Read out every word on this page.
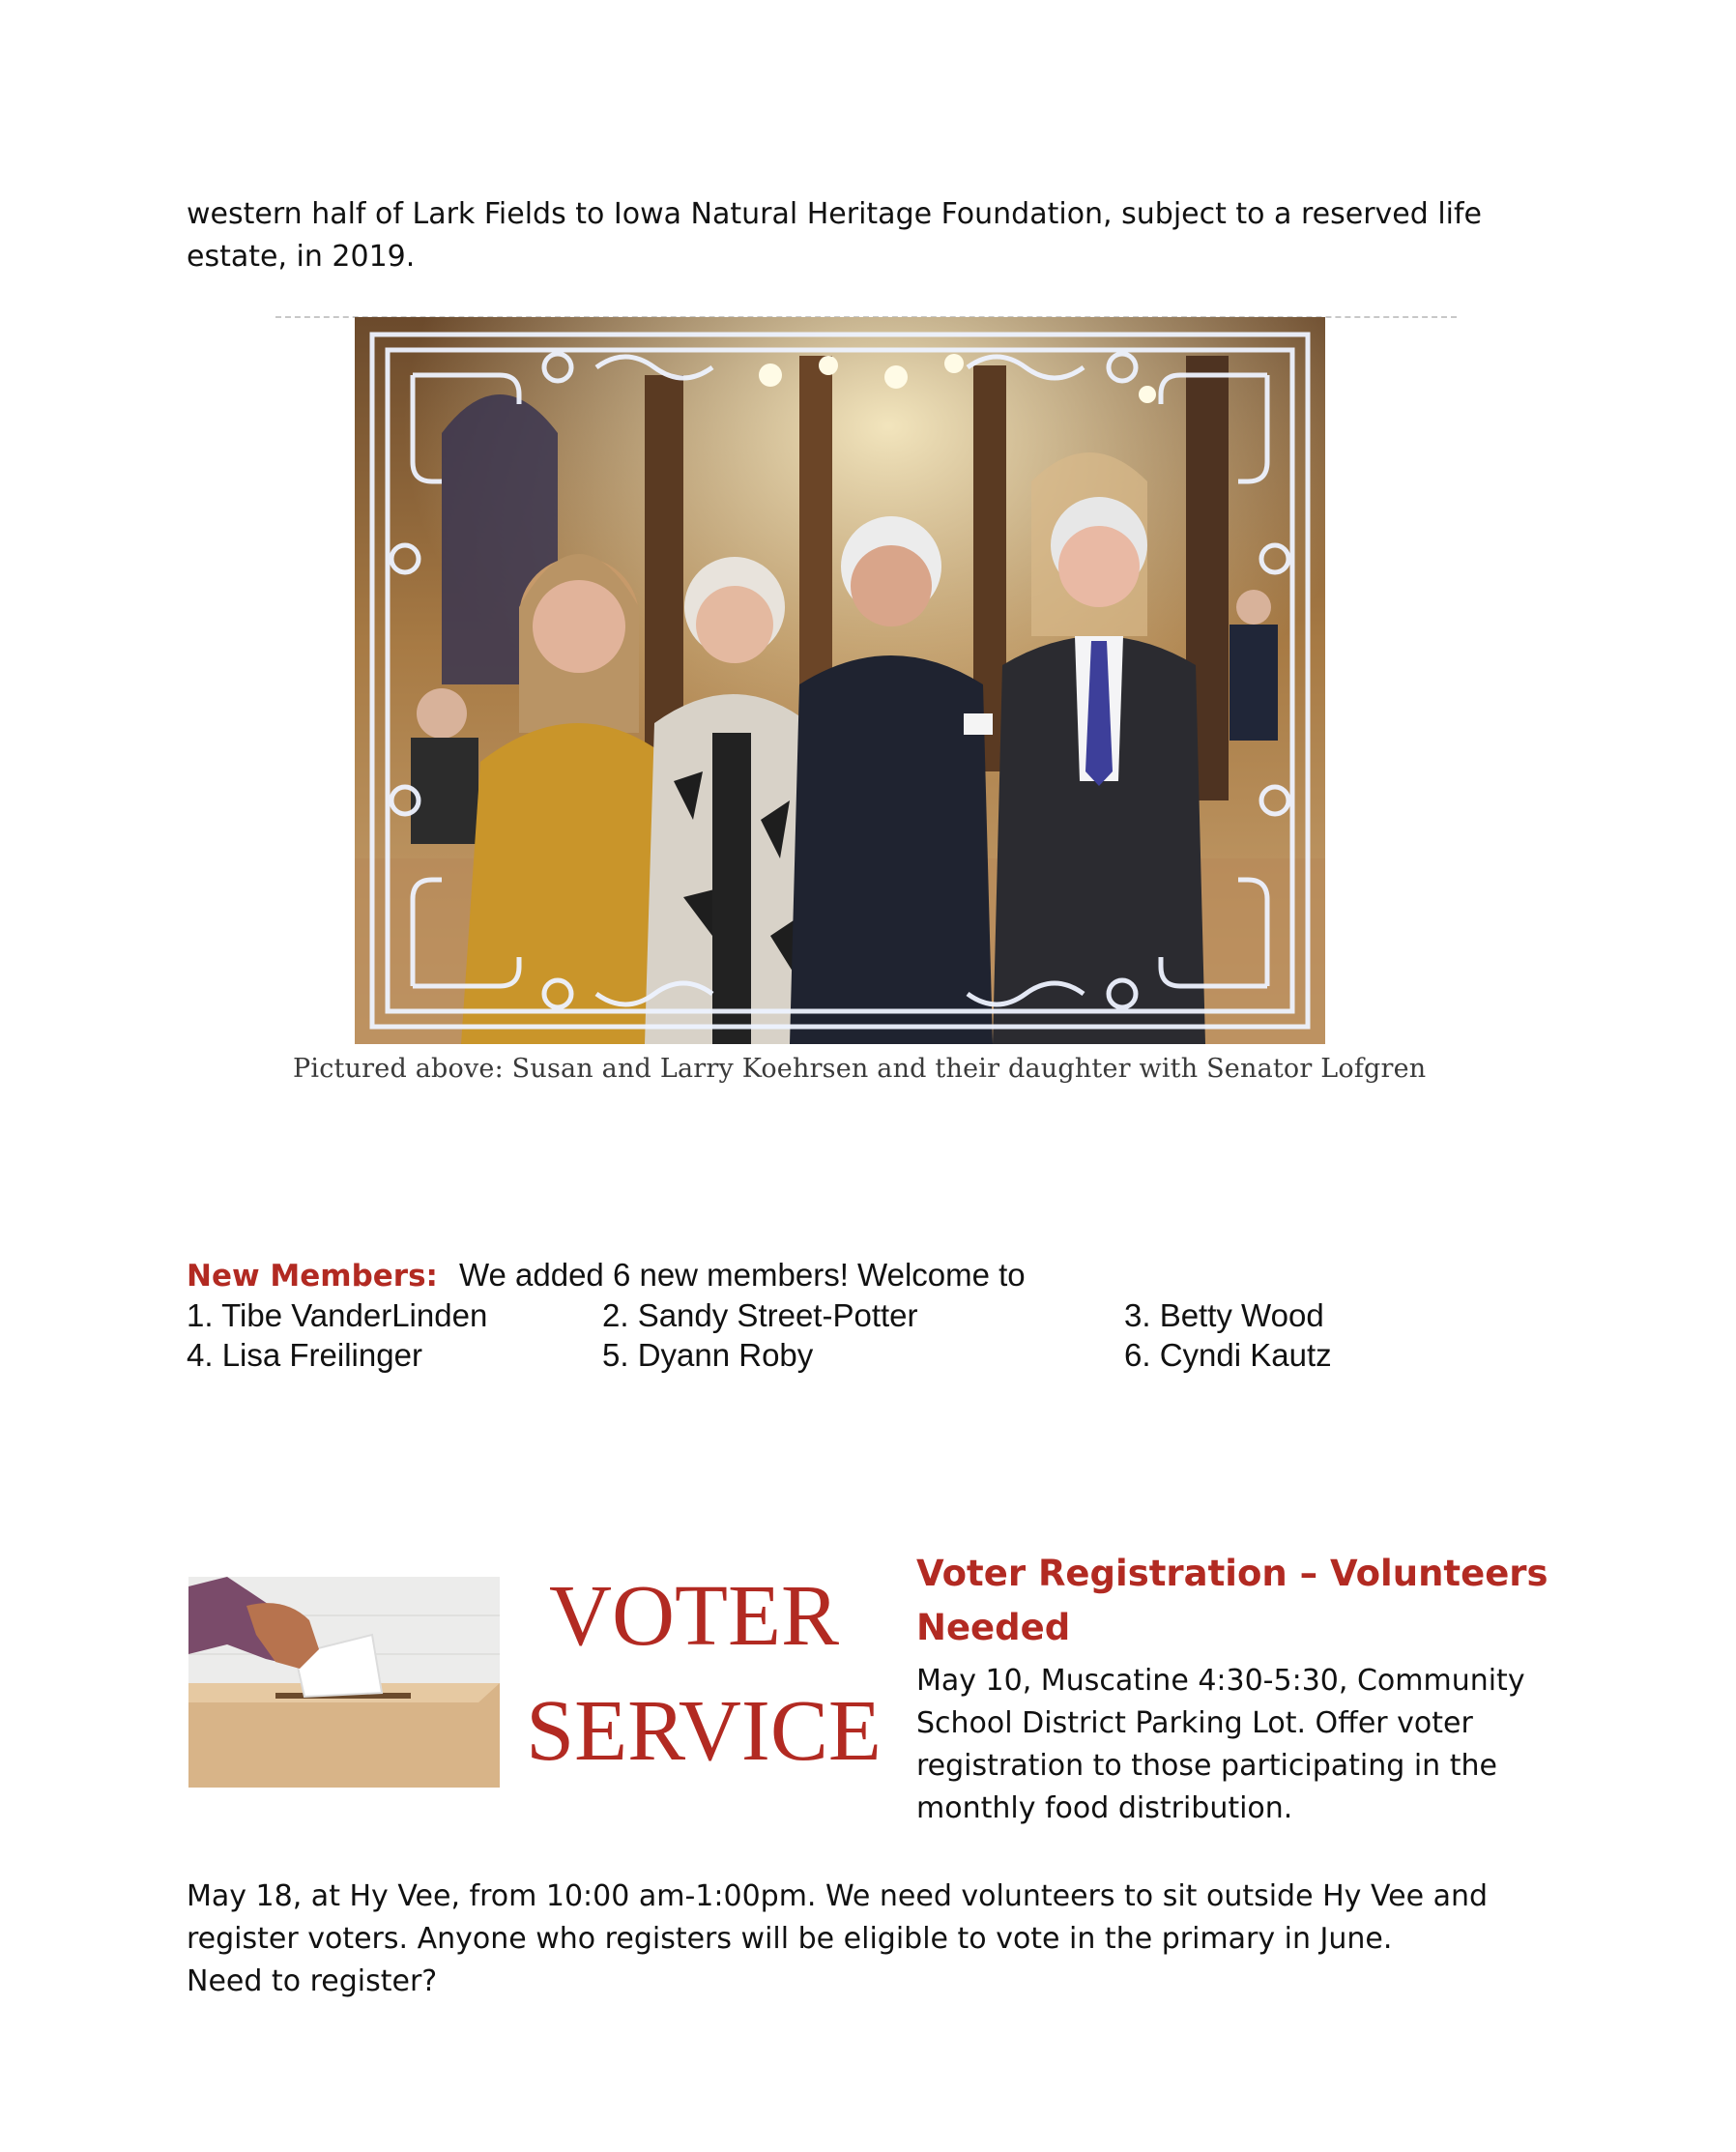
western half of Lark Fields to Iowa Natural Heritage Foundation, subject to a reserved life estate, in 2019.
Pictured above: Susan and Larry Koehrsen and their daughter with Senator Lofgren
New Members: We added 6 new members! Welcome to
1. Tibe VanderLinden	2. Sandy Street-Potter	3. Betty Wood
4. Lisa Freilinger	5. Dyann Roby	6. Cyndi Kautz
VOTER
SERVICE
Voter Registration – Volunteers Needed
May 10, Muscatine 4:30-5:30, Community School District Parking Lot. Offer voter registration to those participating in the monthly food distribution.
May 18, at Hy Vee, from 10:00 am-1:00pm. We need volunteers to sit outside Hy Vee and
register voters. Anyone who registers will be eligible to vote in the primary in June.
Need to register?
